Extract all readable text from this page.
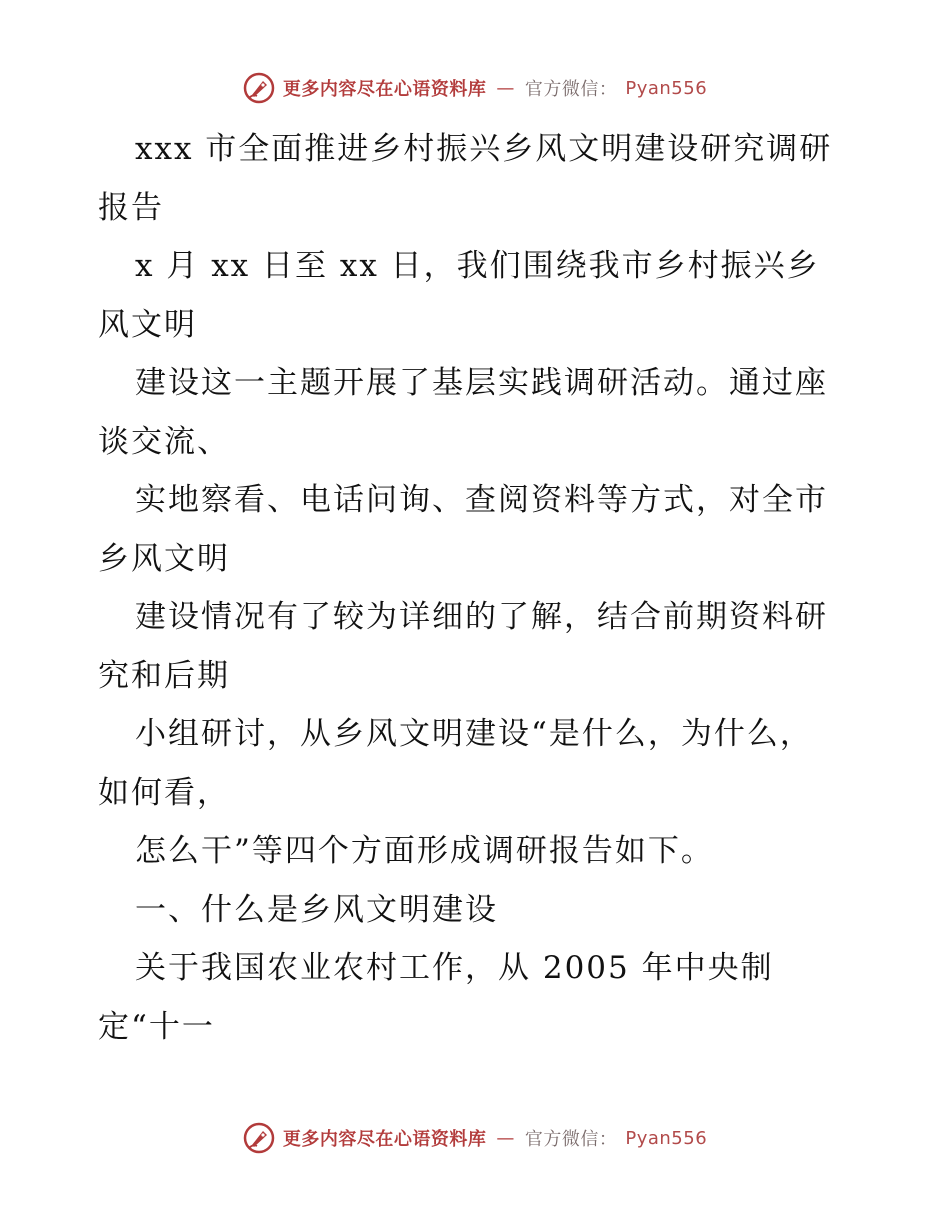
更多内容尽在心语资料库 — 官方微信： Pyan556
xxx 市全面推进乡村振兴乡风文明建设研究调研
报告
x 月 xx 日至 xx 日，我们围绕我市乡村振兴乡
风文明
建设这一主题开展了基层实践调研活动。通过座
谈交流、
实地察看、电话问询、查阅资料等方式，对全市
乡风文明
建设情况有了较为详细的了解，结合前期资料研
究和后期
小组研讨，从乡风文明建设“是什么，为什么，
如何看，
怎么干”等四个方面形成调研报告如下。
一、什么是乡风文明建设
关于我国农业农村工作，从 2005 年中央制
定“十一
更多内容尽在心语资料库 — 官方微信： Pyan556
